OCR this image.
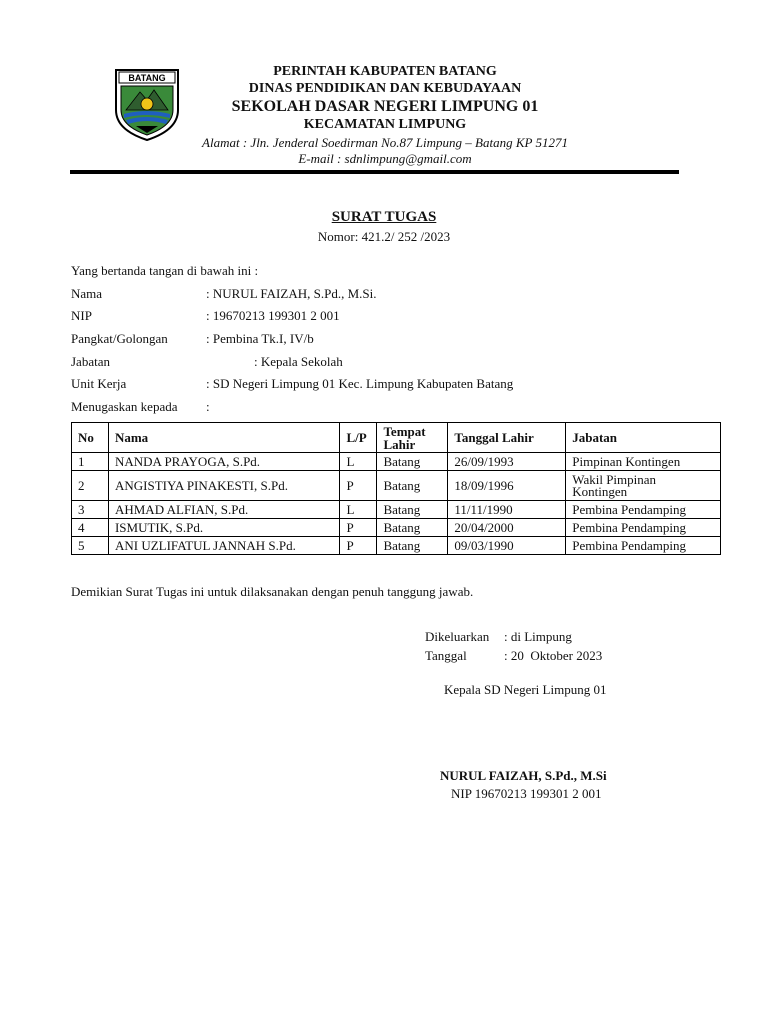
BATANG	PERINTAH KABUPATEN BATANG
DINAS PENDIDIKAN DAN KEBUDAYAAN
SEKOLAH DASAR NEGERI LIMPUNG 01
KECAMATAN LIMPUNG
Alamat : Jln. Jenderal Soedirman No.87 Limpung – Batang KP 51271
E-mail : sdnlimpung@gmail.com
SURAT TUGAS
Nomor: 421.2/ 252 /2023
Yang bertanda tangan di bawah ini :
Nama	: NURUL FAIZAH, S.Pd., M.Si.
NIP	: 19670213 199301 2 001
Pangkat/Golongan	: Pembina Tk.I, IV/b
Jabatan	: Kepala Sekolah
Unit Kerja	: SD Negeri Limpung 01 Kec. Limpung Kabupaten Batang
Menugaskan kepada :
No	Nama	L/P	Tempat Lahir	Tanggal Lahir	Jabatan
1	NANDA PRAYOGA, S.Pd.	L	Batang	26/09/1993	Pimpinan Kontingen
2	ANGISTIYA PINAKESTI, S.Pd.	P	Batang	18/09/1996	Wakil Pimpinan Kontingen
3	AHMAD ALFIAN, S.Pd.	L	Batang	11/11/1990	Pembina Pendamping
4	ISMUTIK, S.Pd.	P	Batang	20/04/2000	Pembina Pendamping
5	ANI UZLIFATUL JANNAH S.Pd.	P	Batang	09/03/1990	Pembina Pendamping
Demikian Surat Tugas ini untuk dilaksanakan dengan penuh tanggung jawab.
Dikeluarkan : di Limpung
Tanggal	: 20  Oktober 2023
Kepala SD Negeri Limpung 01
NURUL FAIZAH, S.Pd., M.Si
NIP 19670213 199301 2 001
